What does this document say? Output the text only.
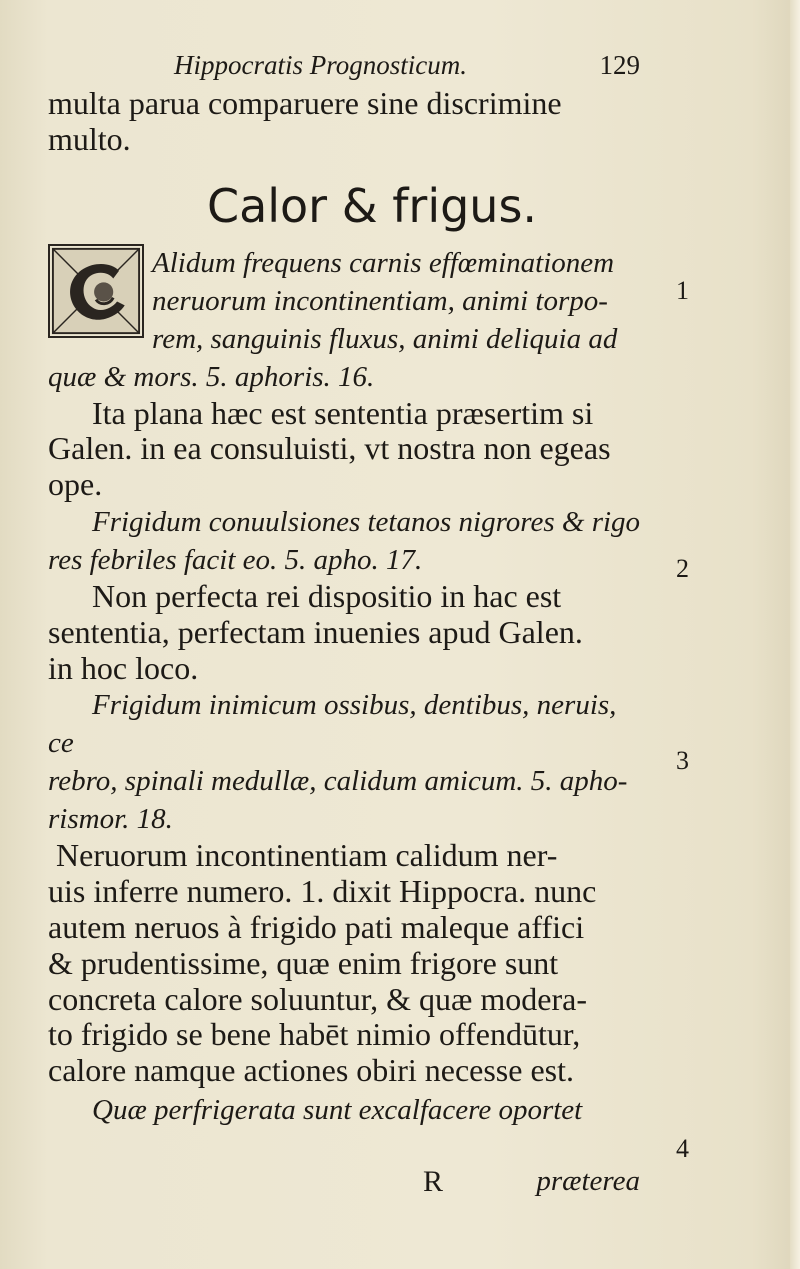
Hippocratis Prognosticum.	129

multa parua comparuere sine discrimine

multo.

Calor & frigus.

Alidum frequens carnis effœminationem

neruorum incontinentiam, animi torpo-

rem, sanguinis fluxus, animi deliquia ad

quæ & mors. 5. aphoris. 16.

Ita plana hæc est sententia præsertim si

Galen. in ea consuluisti, vt nostra non egeas

ope.

Frigidum conuulsiones tetanos nigrores & rigo

res febriles facit eo. 5. apho. 17.

Non perfecta rei dispositio in hac est

sententia, perfectam inuenies apud Galen.

in hoc loco.

Frigidum inimicum ossibus, dentibus, neruis, ce

rebro, spinali medullæ, calidum amicum. 5. apho-

rismor. 18.

Neruorum incontinentiam calidum ner-

uis inferre numero. 1. dixit Hippocra. nunc

autem neruos à frigido pati maleque affici

& prudentissime, quæ enim frigore sunt

concreta calore soluuntur, & quæ modera-

to frigido se bene habēt nimio offendūtur,

calore namque actiones obiri necesse est.

Quæ perfrigerata sunt excalfacere oportet

1
2
3
4
R	præterea
